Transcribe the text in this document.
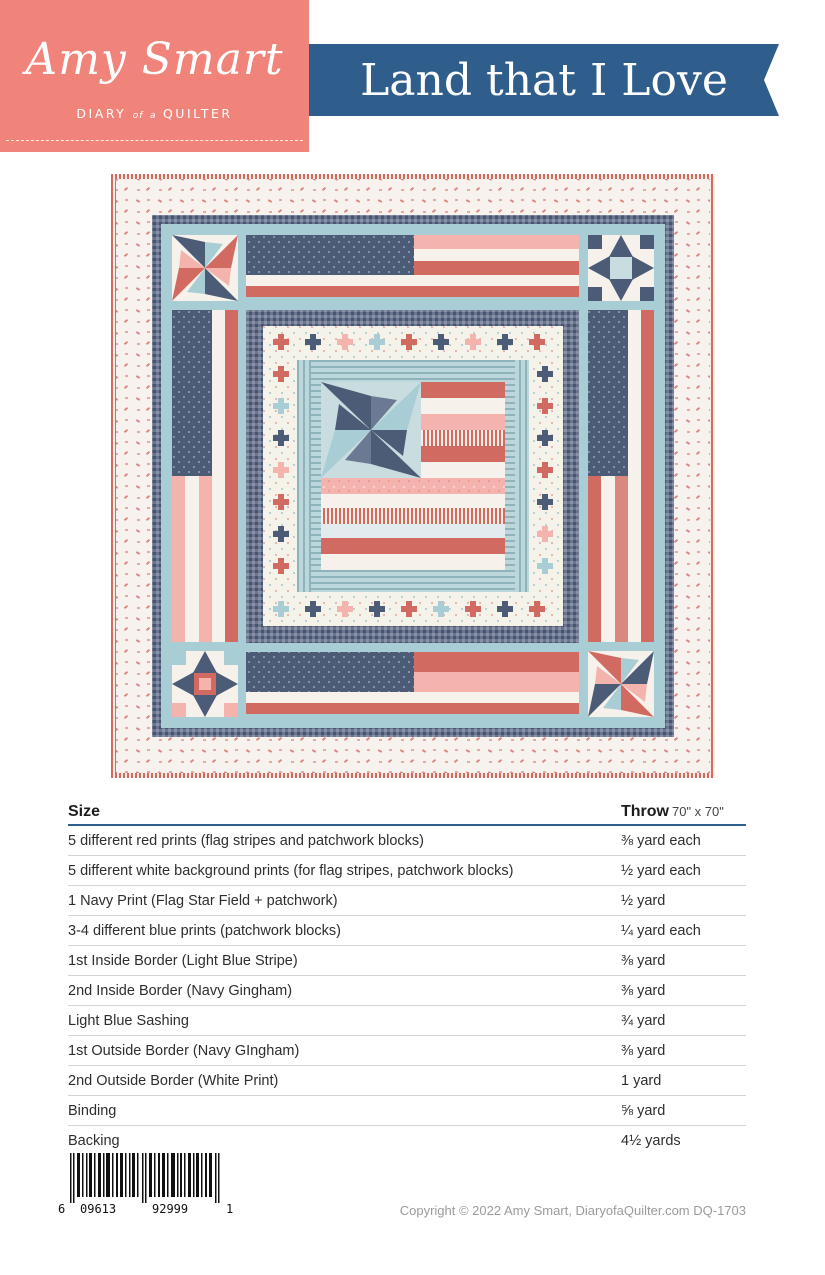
Amy Smart
DIARY of a QUILTER
Land that I Love
Size	Throw 70" x 70"
5 different red prints (flag stripes and patchwork blocks)	⅜ yard each
5 different white background prints (for flag stripes, patchwork blocks)	½ yard each
1 Navy Print (Flag Star Field + patchwork)	½ yard
3-4 different blue prints (patchwork blocks)	¼ yard each
1st Inside Border (Light Blue Stripe)	⅜ yard
2nd Inside Border (Navy Gingham)	⅜ yard
Light Blue Sashing	¾ yard
1st Outside Border (Navy GIngham)	⅜ yard
2nd Outside Border (White Print)	1 yard
Binding	⅝ yard
Backing	4½ yards
6 09613	92999	1	Copyright © 2022 Amy Smart, DiaryofaQuilter.com DQ-1703
